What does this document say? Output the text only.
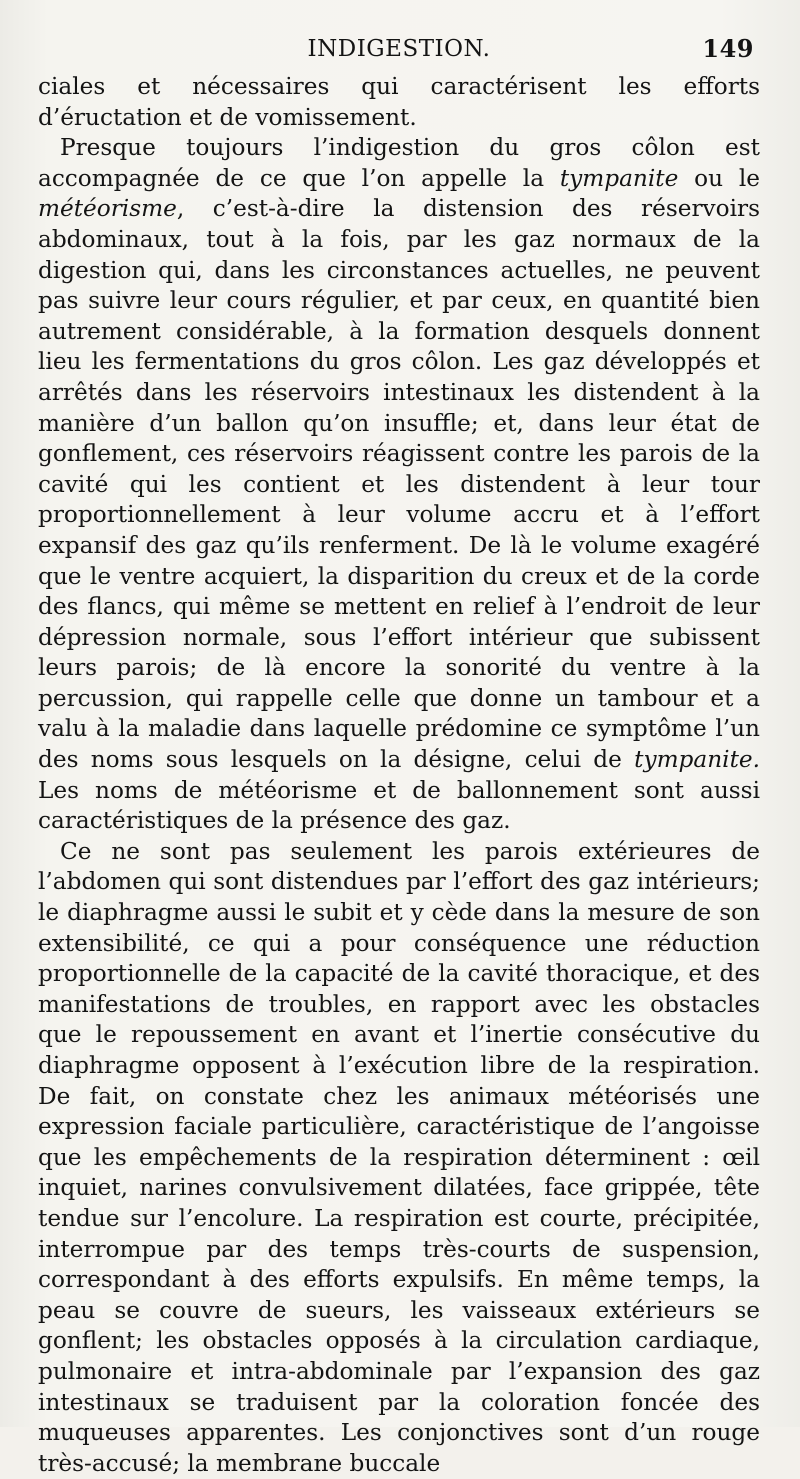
INDIGESTION.	149

ciales et nécessaires qui caractérisent les efforts d’éructation et de vomissement.

Presque toujours l’indigestion du gros côlon est accompagnée de ce que l’on appelle la tympanite ou le météorisme, c’est-à-dire la distension des réservoirs abdominaux, tout à la fois, par les gaz normaux de la digestion qui, dans les circonstances actuelles, ne peuvent pas suivre leur cours régulier, et par ceux, en quantité bien autrement considérable, à la formation desquels donnent lieu les fermentations du gros côlon. Les gaz développés et arrêtés dans les réservoirs intestinaux les distendent à la manière d’un ballon qu’on insuffle; et, dans leur état de gonflement, ces réservoirs réagissent contre les parois de la cavité qui les contient et les distendent à leur tour proportionnellement à leur volume accru et à l’effort expansif des gaz qu’ils renferment. De là le volume exagéré que le ventre acquiert, la disparition du creux et de la corde des flancs, qui même se mettent en relief à l’endroit de leur dépression normale, sous l’effort intérieur que subissent leurs parois; de là encore la sonorité du ventre à la percussion, qui rappelle celle que donne un tambour et a valu à la maladie dans laquelle prédomine ce symptôme l’un des noms sous lesquels on la désigne, celui de tympanite. Les noms de météorisme et de ballonnement sont aussi caractéristiques de la présence des gaz.

Ce ne sont pas seulement les parois extérieures de l’abdomen qui sont distendues par l’effort des gaz intérieurs; le diaphragme aussi le subit et y cède dans la mesure de son extensibilité, ce qui a pour conséquence une réduction proportionnelle de la capacité de la cavité thoracique, et des manifestations de troubles, en rapport avec les obstacles que le repoussement en avant et l’inertie consécutive du diaphragme opposent à l’exécution libre de la respiration. De fait, on constate chez les animaux météorisés une expression faciale particulière, caractéristique de l’angoisse que les empêchements de la respiration déterminent : œil inquiet, narines convulsivement dilatées, face grippée, tête tendue sur l’encolure. La respiration est courte, précipitée, interrompue par des temps très-courts de suspension, correspondant à des efforts expulsifs. En même temps, la peau se couvre de sueurs, les vaisseaux extérieurs se gonflent; les obstacles opposés à la circulation cardiaque, pulmonaire et intra-abdominale par l’expansion des gaz intestinaux se traduisent par la coloration foncée des muqueuses apparentes. Les conjonctives sont d’un rouge très-accusé; la membrane buccale
